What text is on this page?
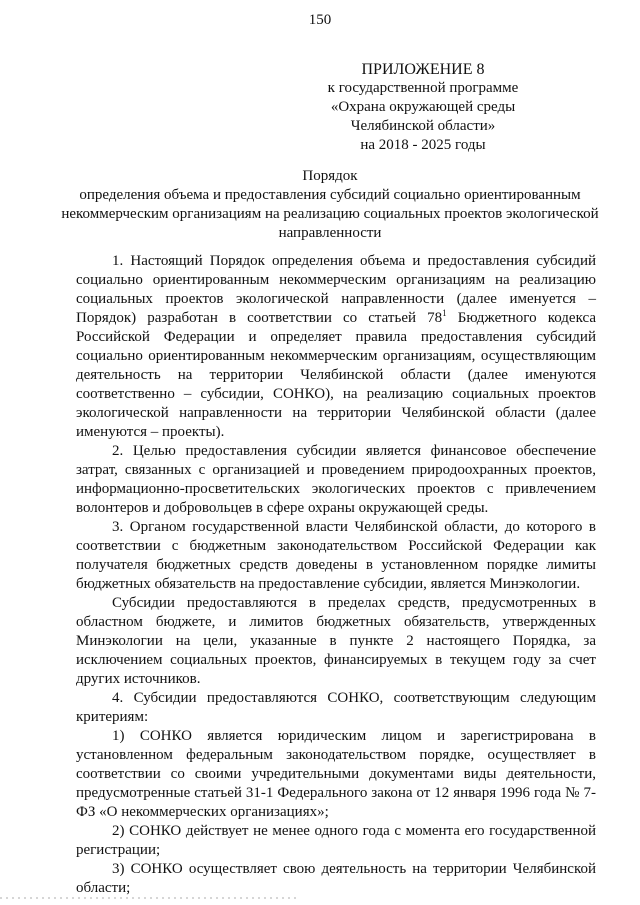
150
ПРИЛОЖЕНИЕ 8
к государственной программе
«Охрана окружающей среды
Челябинской области»
на 2018 - 2025 годы
Порядок
определения объема и предоставления субсидий социально ориентированным некоммерческим организациям на реализацию социальных проектов экологической направленности

1. Настоящий Порядок определения объема и предоставления субсидий социально ориентированным некоммерческим организациям на реализацию социальных проектов экологической направленности (далее именуется – Порядок) разработан в соответствии со статьей $78^1$ Бюджетного кодекса Российской Федерации и определяет правила предоставления субсидий социально ориентированным некоммерческим организациям, осуществляющим деятельность на территории Челябинской области (далее именуются соответственно – субсидии, СОНКО), на реализацию социальных проектов экологической направленности на территории Челябинской области (далее именуются – проекты).

2. Целью предоставления субсидии является финансовое обеспечение затрат, связанных с организацией и проведением природоохранных проектов, информационно-просветительских экологических проектов с привлечением волонтеров и добровольцев в сфере охраны окружающей среды.

3. Органом государственной власти Челябинской области, до которого в соответствии с бюджетным законодательством Российской Федерации как получателя бюджетных средств доведены в установленном порядке лимиты бюджетных обязательств на предоставление субсидии, является Минэкологии.

Субсидии предоставляются в пределах средств, предусмотренных в областном бюджете, и лимитов бюджетных обязательств, утвержденных Минэкологии на цели, указанные в пункте 2 настоящего Порядка, за исключением социальных проектов, финансируемых в текущем году за счет других источников.

4. Субсидии предоставляются СОНКО, соответствующим следующим критериям:

1) СОНКО является юридическим лицом и зарегистрирована в установленном федеральным законодательством порядке, осуществляет в соответствии со своими учредительными документами виды деятельности, предусмотренные статьей 31-1 Федерального закона от 12 января 1996 года № 7-ФЗ «О некоммерческих организациях»;

2) СОНКО действует не менее одного года с момента его государственной регистрации;

3) СОНКО осуществляет свою деятельность на территории Челябинской области;
